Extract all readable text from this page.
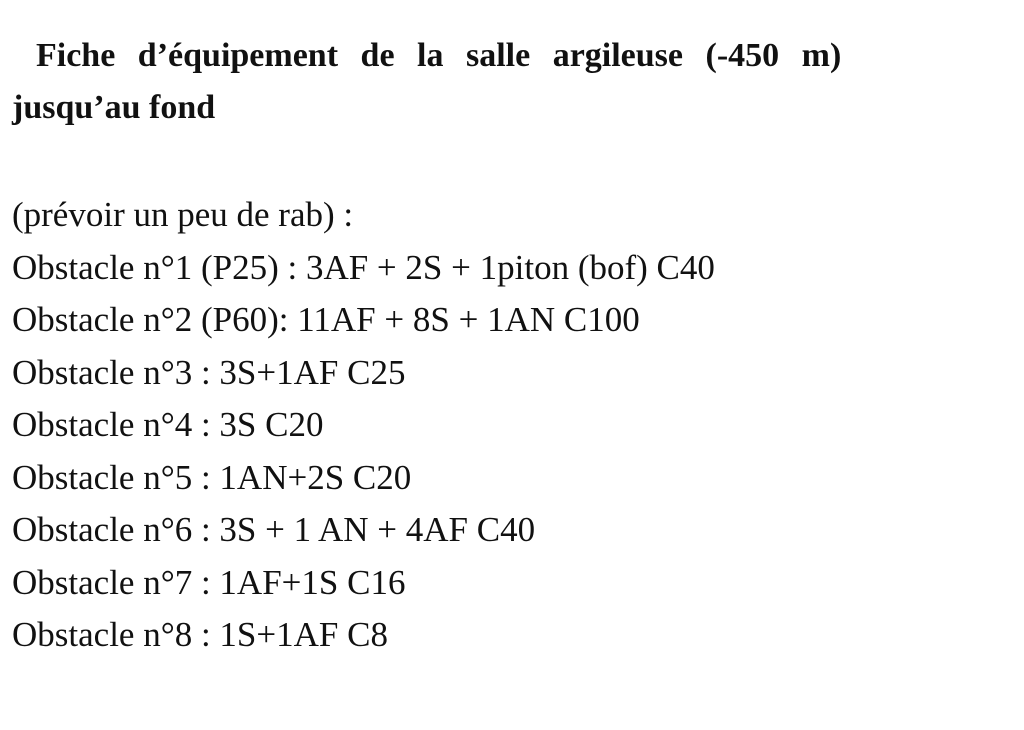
Fiche d’équipement de la salle argileuse (-450 m)
jusqu’au fond
(prévoir un peu de rab) :
Obstacle n°1 (P25) : 3AF + 2S + 1piton (bof) C40
Obstacle n°2 (P60): 11AF + 8S + 1AN C100
Obstacle n°3 : 3S+1AF C25
Obstacle n°4 : 3S C20
Obstacle n°5 : 1AN+2S C20
Obstacle n°6 : 3S + 1 AN + 4AF C40
Obstacle n°7 : 1AF+1S C16
Obstacle n°8 : 1S+1AF C8
